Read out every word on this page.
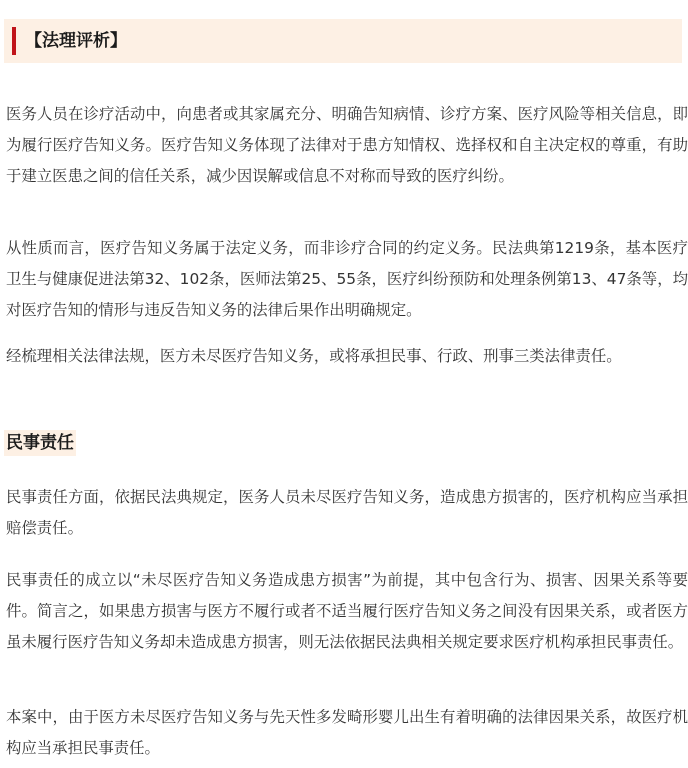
【法理评析】

医务人员在诊疗活动中，向患者或其家属充分、明确告知病情、诊疗方案、医疗风险等相关信息，即为履行医疗告知义务。医疗告知义务体现了法律对于患方知情权、选择权和自主决定权的尊重，有助于建立医患之间的信任关系，减少因误解或信息不对称而导致的医疗纠纷。

从性质而言，医疗告知义务属于法定义务，而非诊疗合同的约定义务。民法典第1219条，基本医疗卫生与健康促进法第32、102条，医师法第25、55条，医疗纠纷预防和处理条例第13、47条等，均对医疗告知的情形与违反告知义务的法律后果作出明确规定。

经梳理相关法律法规，医方未尽医疗告知义务，或将承担民事、行政、刑事三类法律责任。

民事责任

民事责任方面，依据民法典规定，医务人员未尽医疗告知义务，造成患方损害的，医疗机构应当承担赔偿责任。

民事责任的成立以“未尽医疗告知义务造成患方损害”为前提，其中包含行为、损害、因果关系等要件。简言之，如果患方损害与医方不履行或者不适当履行医疗告知义务之间没有因果关系，或者医方虽未履行医疗告知义务却未造成患方损害，则无法依据民法典相关规定要求医疗机构承担民事责任。

本案中，由于医方未尽医疗告知义务与先天性多发畸形婴儿出生有着明确的法律因果关系，故医疗机构应当承担民事责任。
